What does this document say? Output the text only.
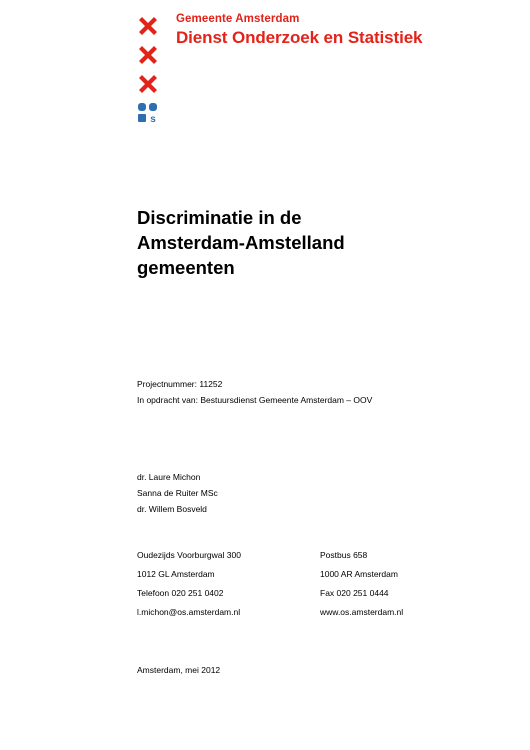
s
Gemeente Amsterdam
Dienst Onderzoek en Statistiek
Discriminatie in de
Amsterdam-Amstelland
gemeenten
Projectnummer: 11252
In opdracht van: Bestuursdienst Gemeente Amsterdam – OOV
dr. Laure Michon
Sanna de Ruiter MSc
dr. Willem Bosveld
Oudezijds Voorburgwal 300
1012 GL Amsterdam
Telefoon 020 251 0402
l.michon@os.amsterdam.nl
Postbus 658
1000 AR Amsterdam
Fax 020 251 0444
www.os.amsterdam.nl
Amsterdam, mei 2012
